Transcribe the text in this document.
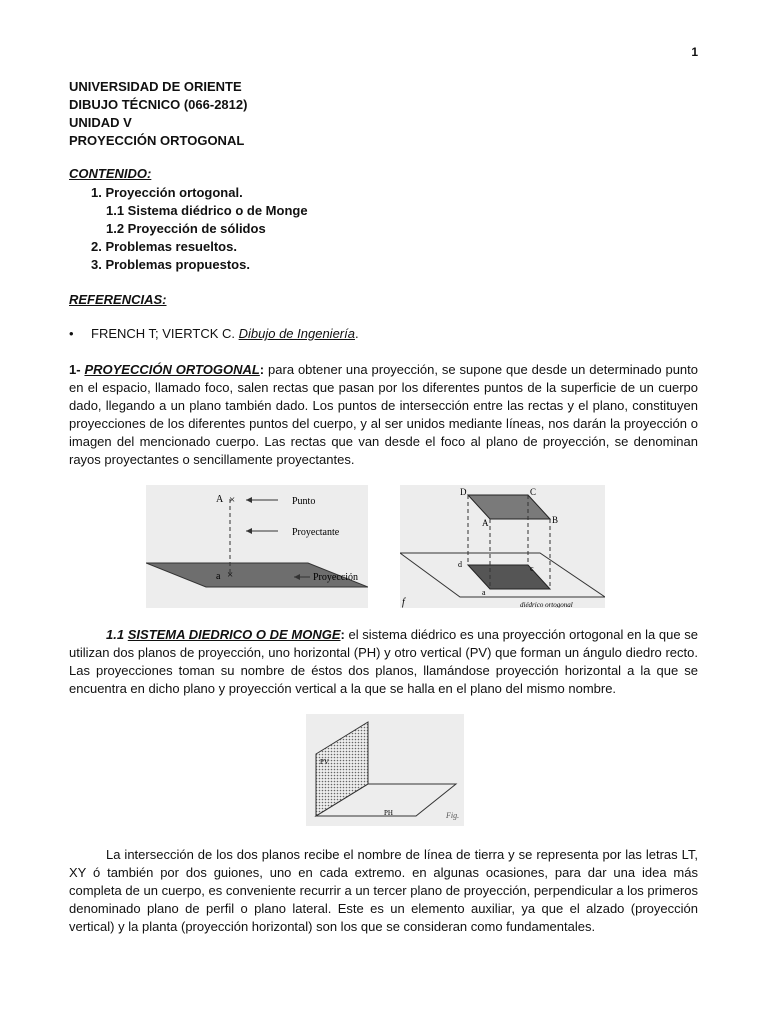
1
UNIVERSIDAD DE ORIENTE
DIBUJO TÉCNICO (066-2812)
UNIDAD V
PROYECCIÓN ORTOGONAL
CONTENIDO:
1. Proyección ortogonal.
1.1 Sistema diédrico o de Monge
1.2 Proyección de sólidos
2. Problemas resueltos.
3. Problemas propuestos.
REFERENCIAS:
• FRENCH T; VIERTCK C. Dibujo de Ingeniería.
1- PROYECCIÓN ORTOGONAL: para obtener una proyección, se supone que desde un determinado punto en el espacio, llamado foco, salen rectas que pasan por los diferentes puntos de la superficie de un cuerpo dado, llegando a un plano también dado. Los puntos de intersección entre las rectas y el plano, constituyen proyecciones de los diferentes puntos del cuerpo, y al ser unidos mediante líneas, nos darán la proyección o imagen del mencionado cuerpo. Las rectas que van desde el foco al plano de proyección, se denominan rayos proyectantes o sencillamente proyectantes.
×
A
a ×
Punto
Proyectante
Proyección
D	C
A	B
d	c
a
f	diédrico ortogonal
1.1 SISTEMA DIEDRICO O DE MONGE: el sistema diédrico es una proyección ortogonal en la que se utilizan dos planos de proyección, uno horizontal (PH) y otro vertical (PV) que forman un ángulo diedro recto. Las proyecciones toman su nombre de éstos dos planos, llamándose proyección horizontal a la que se encuentra en dicho plano y proyección vertical a la que se halla en el plano del mismo nombre.
PV
PH	Fig.
La intersección de los dos planos recibe el nombre de línea de tierra y se representa por las letras LT, XY ó también por dos guiones, uno en cada extremo. en algunas ocasiones, para dar una idea más completa de un cuerpo, es conveniente recurrir a un tercer plano de proyección, perpendicular a los primeros denominado plano de perfil o plano lateral. Este es un elemento auxiliar, ya que el alzado (proyección vertical) y la planta (proyección horizontal) son los que se consideran como fundamentales.
